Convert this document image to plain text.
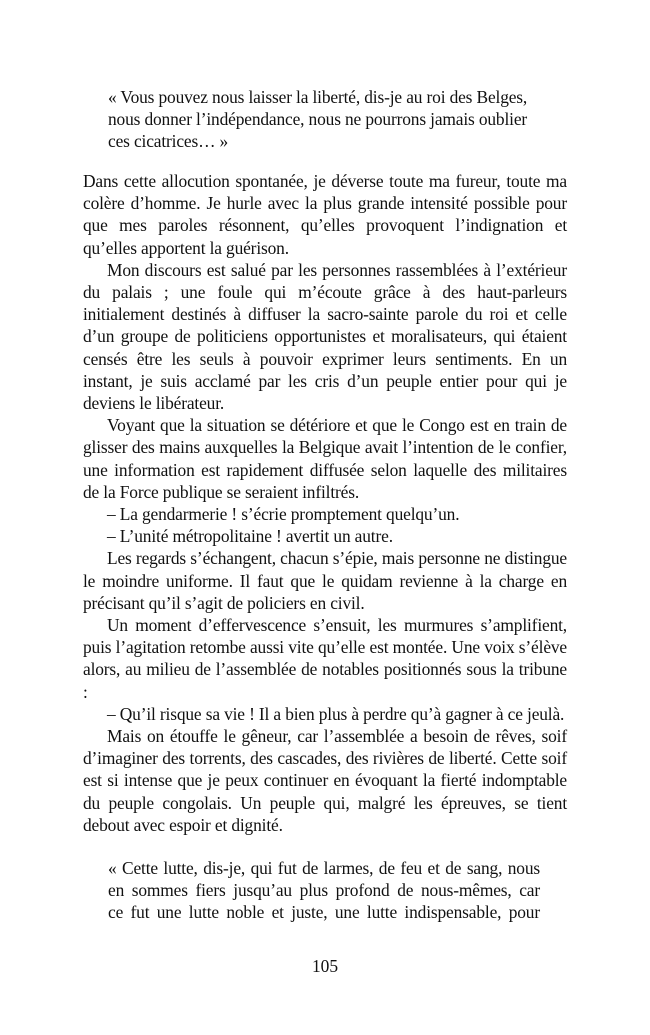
« Vous pouvez nous laisser la liberté, dis-je au roi des Belges,
nous donner l’indépendance, nous ne pourrons jamais oublier
ces cicatrices… »

Dans cette allocution spontanée, je déverse toute ma fureur, toute ma colère d’homme. Je hurle avec la plus grande intensité possible pour que mes paroles résonnent, qu’elles provoquent l’indignation et qu’elles apportent la guérison.

Mon discours est salué par les personnes rassemblées à l’extérieur du palais ; une foule qui m’écoute grâce à des haut-parleurs initialement destinés à diffuser la sacro-sainte parole du roi et celle d’un groupe de politiciens opportunistes et moralisateurs, qui étaient censés être les seuls à pouvoir exprimer leurs sentiments. En un instant, je suis acclamé par les cris d’un peuple entier pour qui je deviens le libérateur.

Voyant que la situation se détériore et que le Congo est en train de glisser des mains auxquelles la Belgique avait l’intention de le confier, une information est rapidement diffusée selon laquelle des militaires de la Force publique se seraient infiltrés.

– La gendarmerie ! s’écrie promptement quelqu’un.

– L’unité métropolitaine ! avertit un autre.

Les regards s’échangent, chacun s’épie, mais personne ne distingue le moindre uniforme. Il faut que le quidam revienne à la charge en précisant qu’il s’agit de policiers en civil.

Un moment d’effervescence s’ensuit, les murmures s’amplifient, puis l’agitation retombe aussi vite qu’elle est montée. Une voix s’élève alors, au milieu de l’assemblée de notables positionnés sous la tribune :

– Qu’il risque sa vie ! Il a bien plus à perdre qu’à gagner à ce jeulà.

Mais on étouffe le gêneur, car l’assemblée a besoin de rêves, soif d’imaginer des torrents, des cascades, des rivières de liberté. Cette soif est si intense que je peux continuer en évoquant la fierté indomptable du peuple congolais. Un peuple qui, malgré les épreuves, se tient debout avec espoir et dignité.

« Cette lutte, dis-je, qui fut de larmes, de feu et de sang, nous
en sommes fiers jusqu’au plus profond de nous-mêmes, car
ce fut une lutte noble et juste, une lutte indispensable, pour
105
